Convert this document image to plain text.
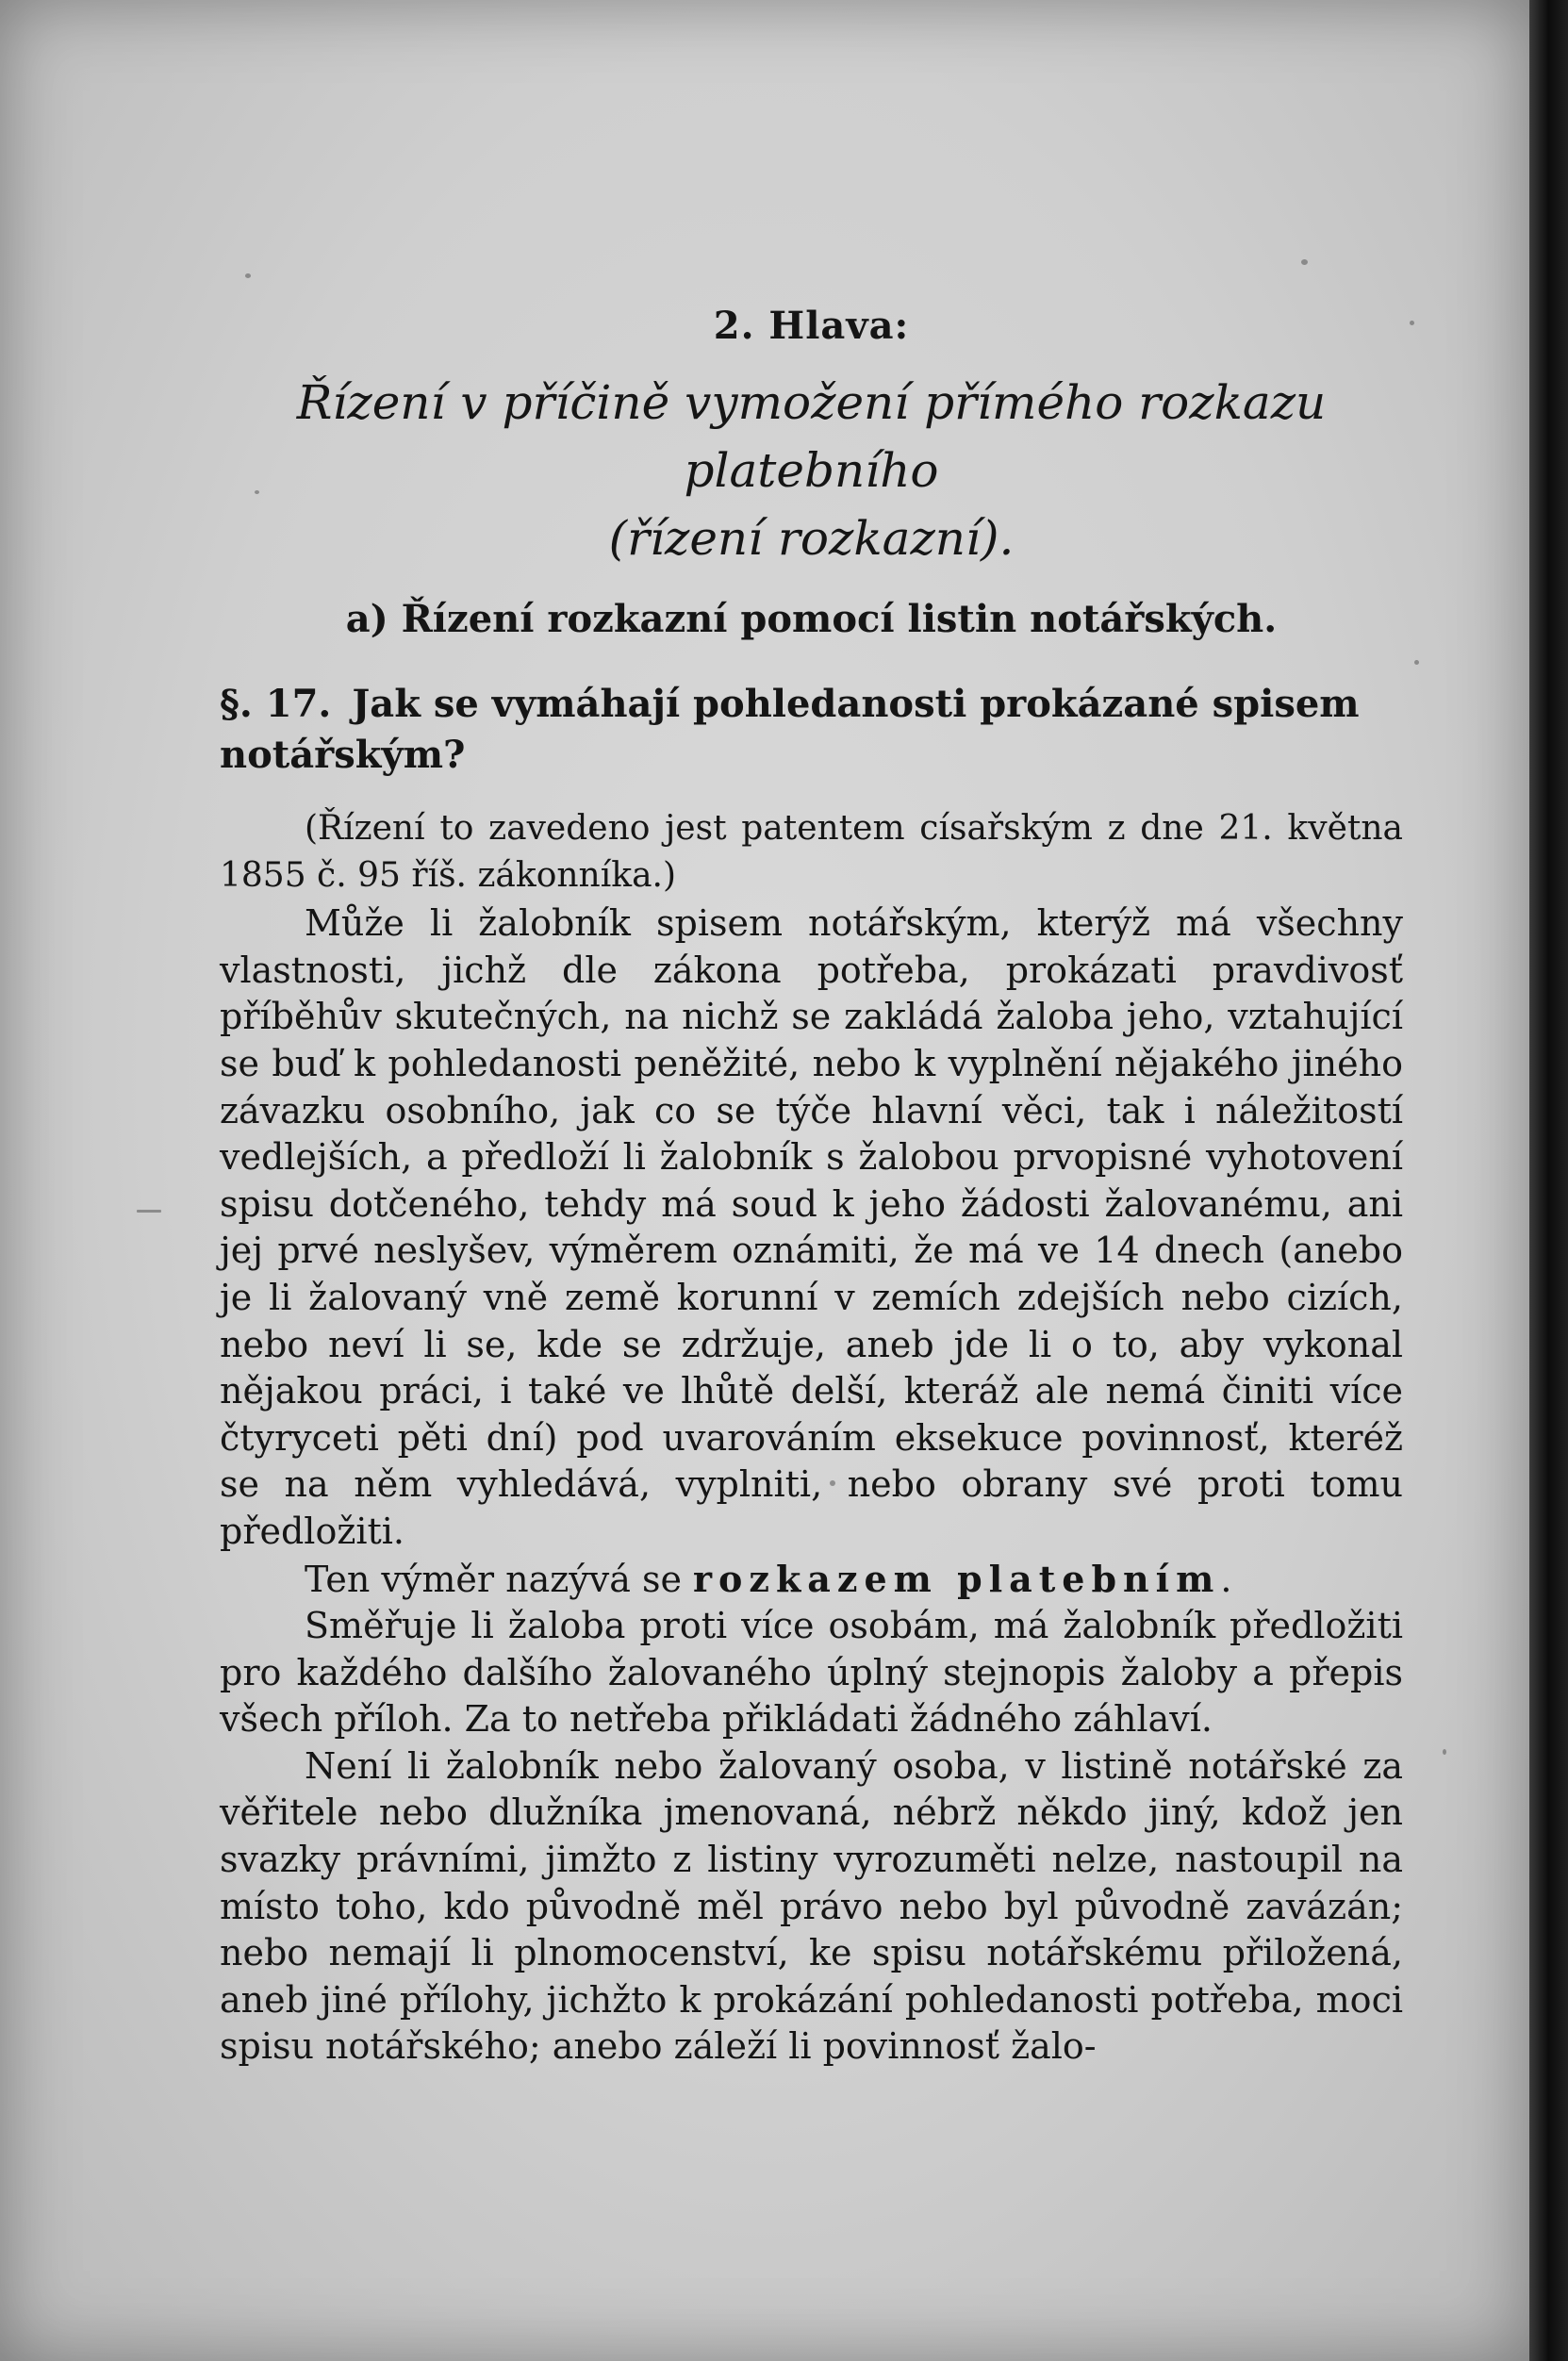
2. Hlava:
Řízení v příčině vymožení přímého rozkazu platebního
(řízení rozkazní).
a) Řízení rozkazní pomocí listin notářských.
§. 17. Jak se vymáhají pohledanosti prokázané spisem notářským?

(Řízení to zavedeno jest patentem císařským z dne 21. května 1855 č. 95 říš. zákonníka.)

Může li žalobník spisem notářským, kterýž má všechny vlastnosti, jichž dle zákona potřeba, prokázati pravdivosť příběhův skutečných, na nichž se zakládá žaloba jeho, vztahující se buď k pohledanosti peněžité, nebo k vyplnění nějakého jiného závazku osobního, jak co se týče hlavní věci, tak i náležitostí vedlejších, a předloží li žalobník s žalobou prvopisné vyhotovení spisu dotčeného, tehdy má soud k jeho žádosti žalovanému, ani jej prvé neslyšev, výměrem oznámiti, že má ve 14 dnech (anebo je li žalovaný vně země korunní v zemích zdejších nebo cizích, nebo neví li se, kde se zdržuje, aneb jde li o to, aby vykonal nějakou práci, i také ve lhůtě delší, kteráž ale nemá činiti více čtyryceti pěti dní) pod uvarováním eksekuce povinnosť, kteréž se na něm vyhledává, vyplniti, nebo obrany své proti tomu předložiti.

Ten výměr nazývá se rozkazem platebním.

Směřuje li žaloba proti více osobám, má žalobník předložiti pro každého dalšího žalovaného úplný stejnopis žaloby a přepis všech příloh. Za to netřeba přikládati žádného záhlaví.

Není li žalobník nebo žalovaný osoba, v listině notářské za věřitele nebo dlužníka jmenovaná, nébrž někdo jiný, kdož jen svazky právními, jimžto z listiny vyrozuměti nelze, nastoupil na místo toho, kdo původně měl právo nebo byl původně zavázán; nebo nemají li plnomocenství, ke spisu notářskému přiložená, aneb jiné přílohy, jichžto k prokázání pohledanosti potřeba, moci spisu notářského; anebo záleží li povinnosť žalo-
